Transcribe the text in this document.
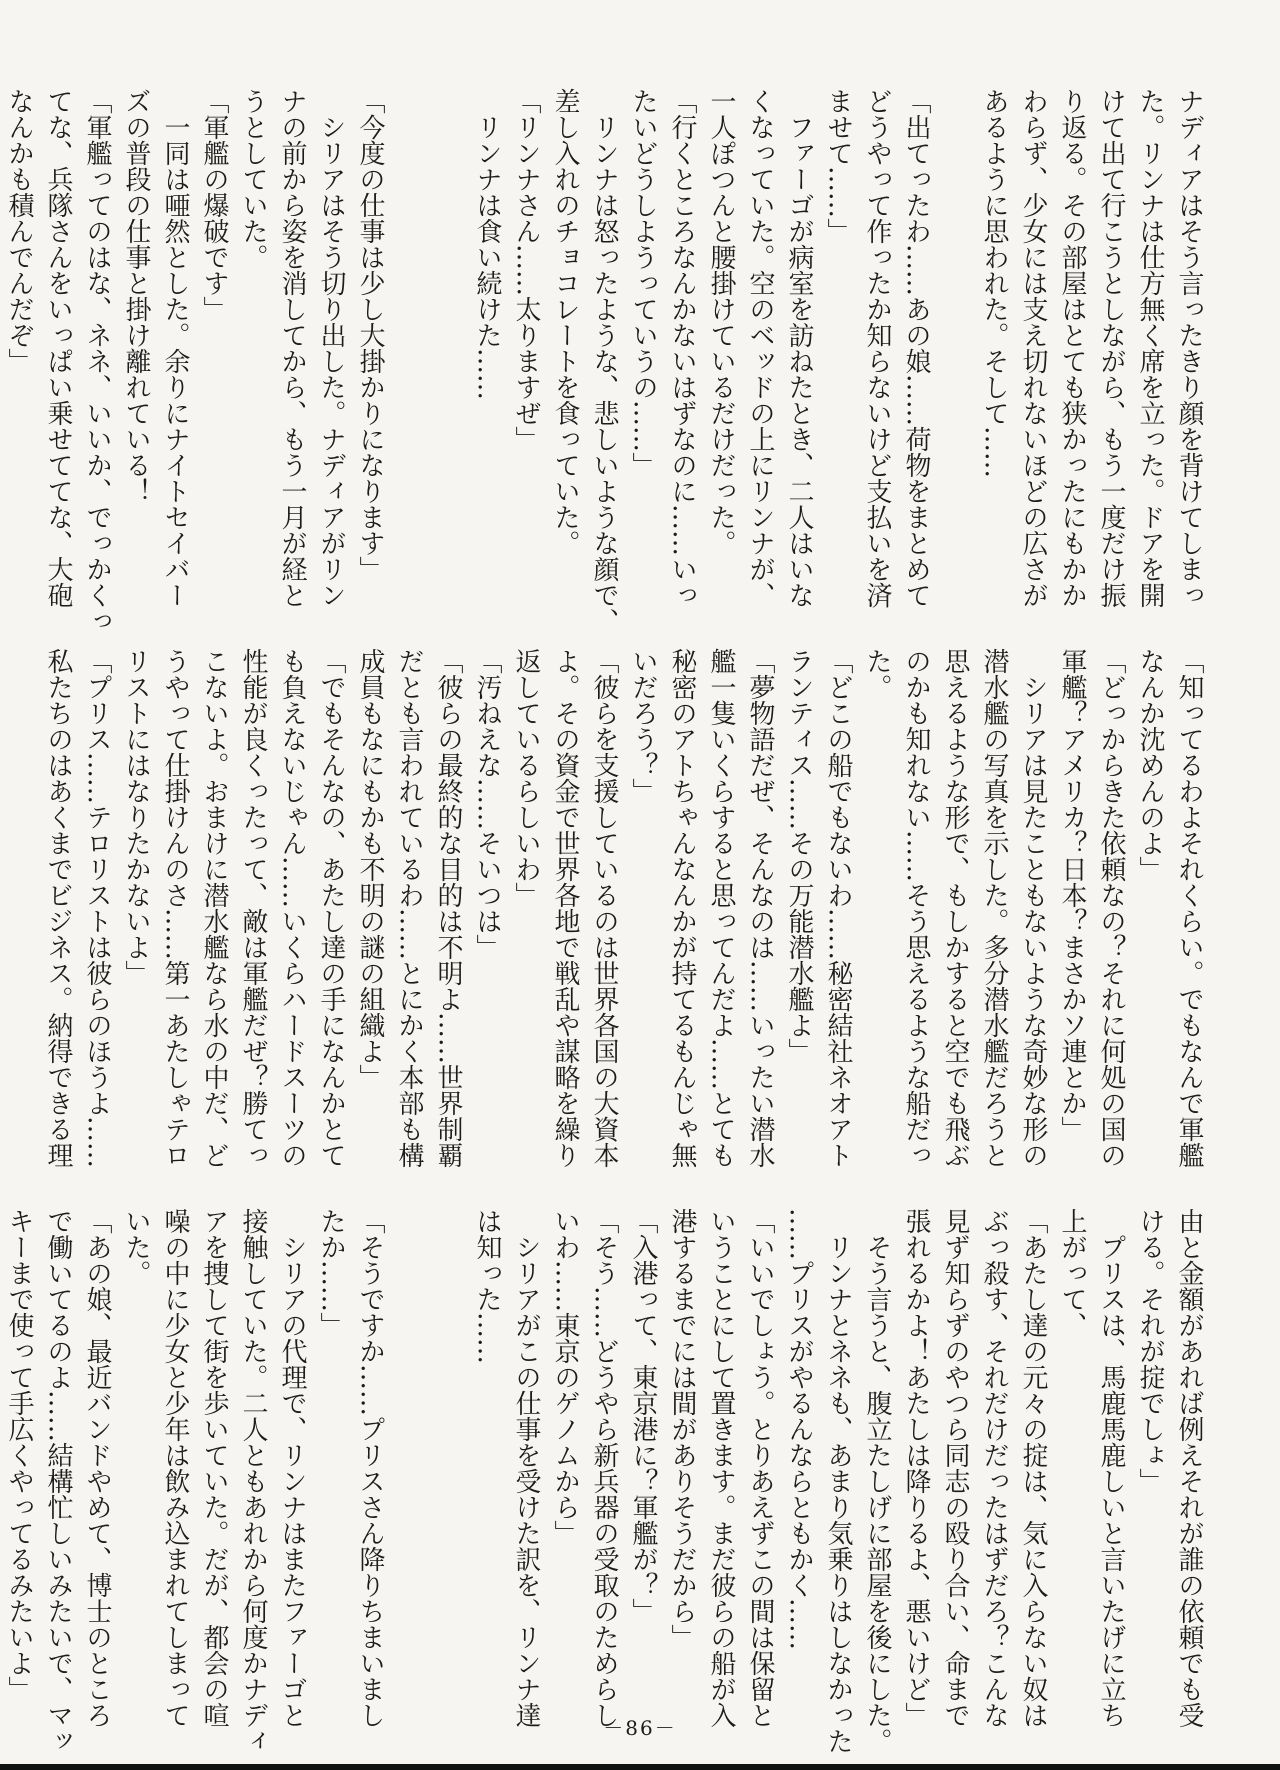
ナディアはそう言ったきり顔を背けてしまっ
た。リンナは仕方無く席を立った。ドアを開
けて出て行こうとしながら、もう一度だけ振
り返る。その部屋はとても狭かったにもかか
わらず、少女には支え切れないほどの広さが
あるように思われた。そして……

「出てったわ……あの娘……荷物をまとめて
どうやって作ったか知らないけど支払いを済
ませて……」
　ファーゴが病室を訪ねたとき、二人はいな
くなっていた。空のベッドの上にリンナが、
一人ぽつんと腰掛けているだけだった。
「行くところなんかないはずなのに……いっ
たいどうしようっていうの……」
　リンナは怒ったような、悲しいような顔で、
差し入れのチョコレートを食っていた。
「リンナさん……太りますぜ」
　リンナは食い続けた……

「今度の仕事は少し大掛かりになります」
　シリアはそう切り出した。ナディアがリン
ナの前から姿を消してから、もう一月が経と
うとしていた。
「軍艦の爆破です」
　一同は唖然とした。余りにナイトセイバー
ズの普段の仕事と掛け離れている！
「軍艦ってのはな、ネネ、いいか、でっかくっ
てな、兵隊さんをいっぱい乗せててな、大砲
なんかも積んでんだぞ」
「知ってるわよそれくらい。でもなんで軍艦
なんか沈めんのよ」
「どっからきた依頼なの？それに何処の国の
軍艦？アメリカ？日本？まさかソ連とか」
　シリアは見たこともないような奇妙な形の
潜水艦の写真を示した。多分潜水艦だろうと
思えるような形で、もしかすると空でも飛ぶ
のかも知れない……そう思えるような船だっ
た。
「どこの船でもないわ……秘密結社ネオアト
ランティス……その万能潜水艦よ」
「夢物語だぜ、そんなのは……いったい潜水
艦一隻いくらすると思ってんだよ……とても
秘密のアトちゃんなんかが持てるもんじゃ無
いだろう？」
「彼らを支援しているのは世界各国の大資本
よ。その資金で世界各地で戦乱や謀略を繰り
返しているらしいわ」
「汚ねえな……そいつは」
「彼らの最終的な目的は不明よ……世界制覇
だとも言われているわ……とにかく本部も構
成員もなにもかも不明の謎の組織よ」
「でもそんなの、あたし達の手になんかとて
も負えないじゃん……いくらハードスーツの
性能が良くったって、敵は軍艦だぜ？勝てっ
こないよ。おまけに潜水艦なら水の中だ、ど
うやって仕掛けんのさ……第一あたしゃテロ
リストにはなりたかないよ」
「プリス……テロリストは彼らのほうよ……
私たちのはあくまでビジネス。納得できる理
由と金額があれば例えそれが誰の依頼でも受
ける。それが掟でしょ」
　プリスは、馬鹿馬鹿しいと言いたげに立ち
上がって、
「あたし達の元々の掟は、気に入らない奴は
ぶっ殺す、それだけだったはずだろ？こんな
見ず知らずのやつら同志の殴り合い、命まで
張れるかよ！あたしは降りるよ、悪いけど」
　そう言うと、腹立たしげに部屋を後にした。
　リンナとネネも、あまり気乗りはしなかった
……プリスがやるんならともかく……
「いいでしょう。とりあえずこの間は保留と
いうことにして置きます。まだ彼らの船が入
港するまでには間がありそうだから」
「入港って、東京港に？軍艦が？」
「そう……どうやら新兵器の受取のためらし
いわ……東京のゲノムから」
　シリアがこの仕事を受けた訳を、リンナ達
は知った……

「そうですか……プリスさん降りちまいまし
たか……」
　シリアの代理で、リンナはまたファーゴと
接触していた。二人ともあれから何度かナディ
アを捜して街を歩いていた。だが、都会の喧
噪の中に少女と少年は飲み込まれてしまって
いた。
「あの娘、最近バンドやめて、博士のところ
で働いてるのよ……結構忙しいみたいで、マッ
キーまで使って手広くやってるみたいよ」
－86－
